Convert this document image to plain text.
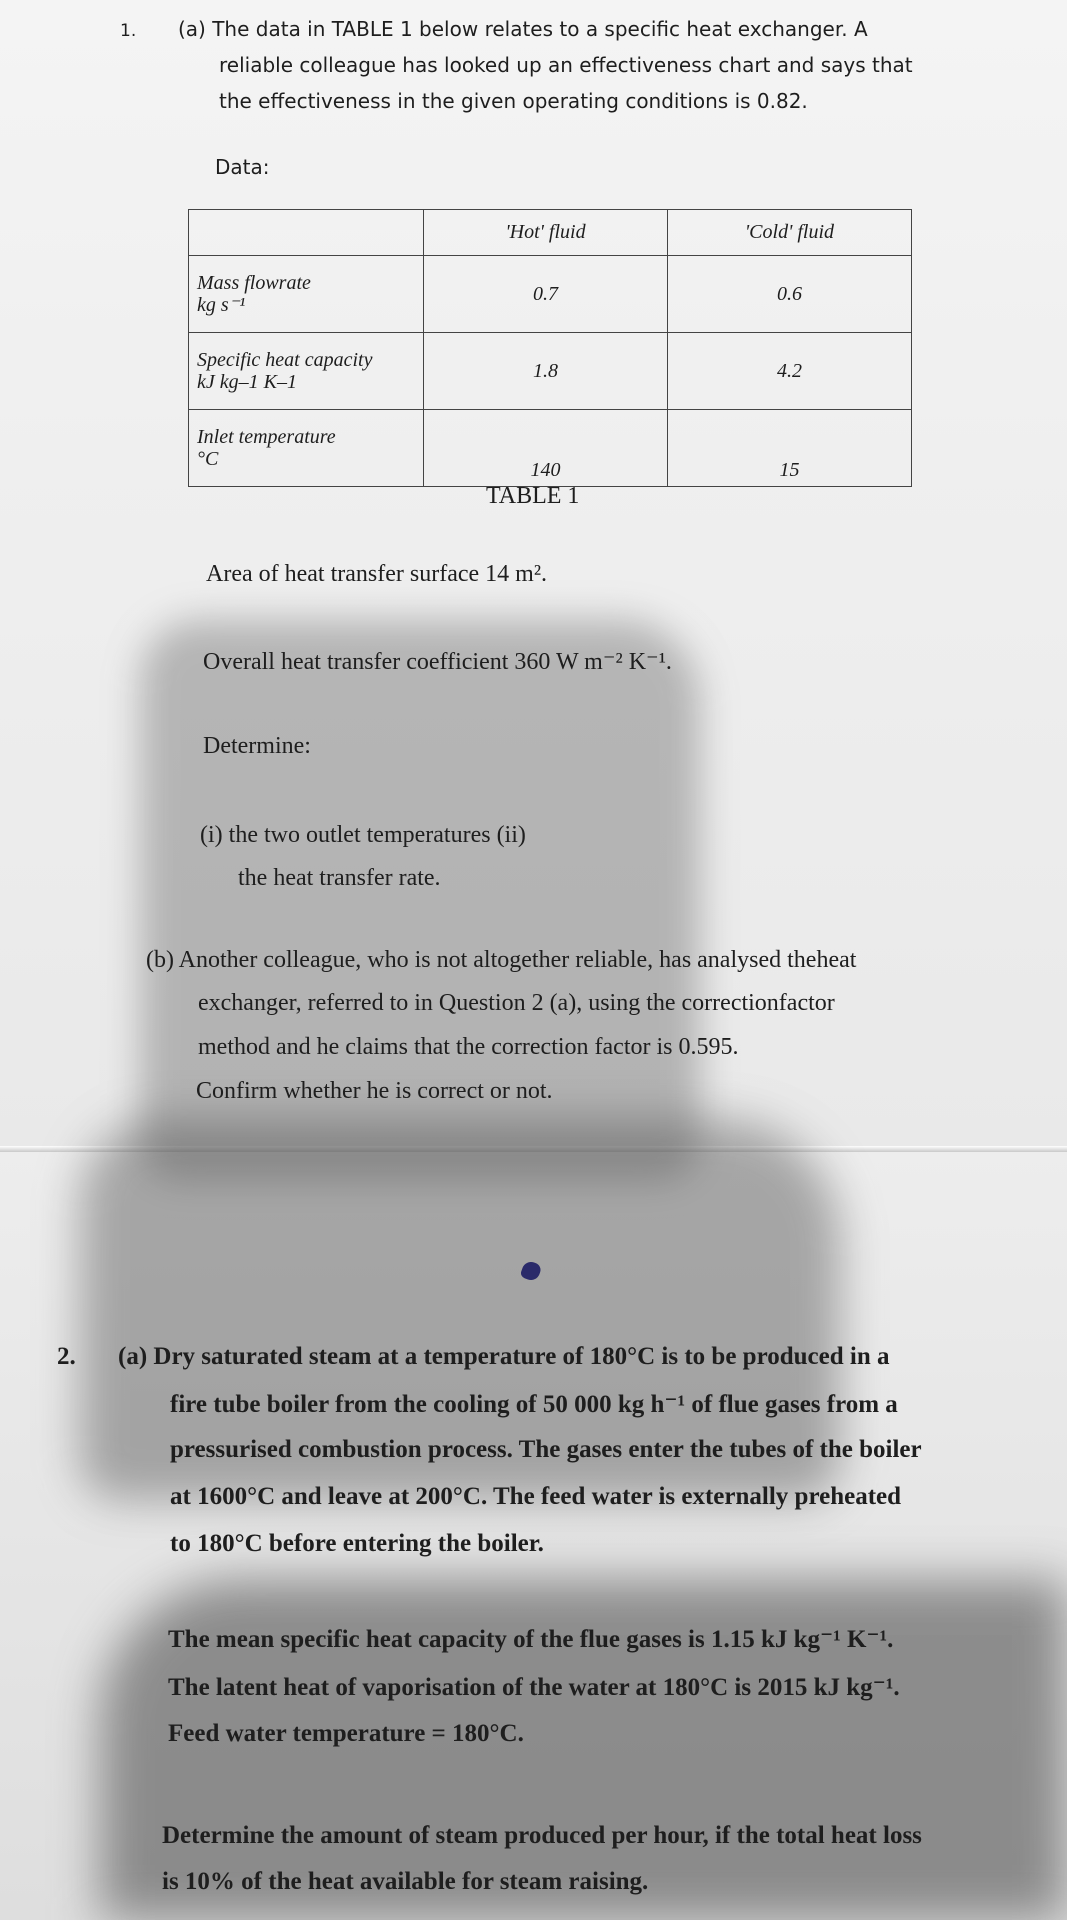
1. (a) The data in TABLE 1 below relates to a specific heat exchanger. A
reliable colleague has looked up an effectiveness chart and says that
the effectiveness in the given operating conditions is 0.82.
Data:
	'Hot' fluid	'Cold' fluid

Mass flowrate
kg s⁻¹	0.7	0.6

Specific heat capacity
kJ kg–1 K–1	1.8	4.2

Inlet temperature
°C	140	15
TABLE 1
Area of heat transfer surface 14 m².
Overall heat transfer coefficient 360 W m⁻² K⁻¹.
Determine:
(i) the two outlet temperatures (ii)
the heat transfer rate.
(b) Another colleague, who is not altogether reliable, has analysed theheat
exchanger, referred to in Question 2 (a), using the correctionfactor
method and he claims that the correction factor is 0.595.
Confirm whether he is correct or not.
2. (a) Dry saturated steam at a temperature of 180°C is to be produced in a
fire tube boiler from the cooling of 50 000 kg h⁻¹ of flue gases from a
pressurised combustion process. The gases enter the tubes of the boiler
at 1600°C and leave at 200°C. The feed water is externally preheated
to 180°C before entering the boiler.
The mean specific heat capacity of the flue gases is 1.15 kJ kg⁻¹ K⁻¹.
The latent heat of vaporisation of the water at 180°C is 2015 kJ kg⁻¹.
Feed water temperature = 180°C.
Determine the amount of steam produced per hour, if the total heat loss
is 10% of the heat available for steam raising.
